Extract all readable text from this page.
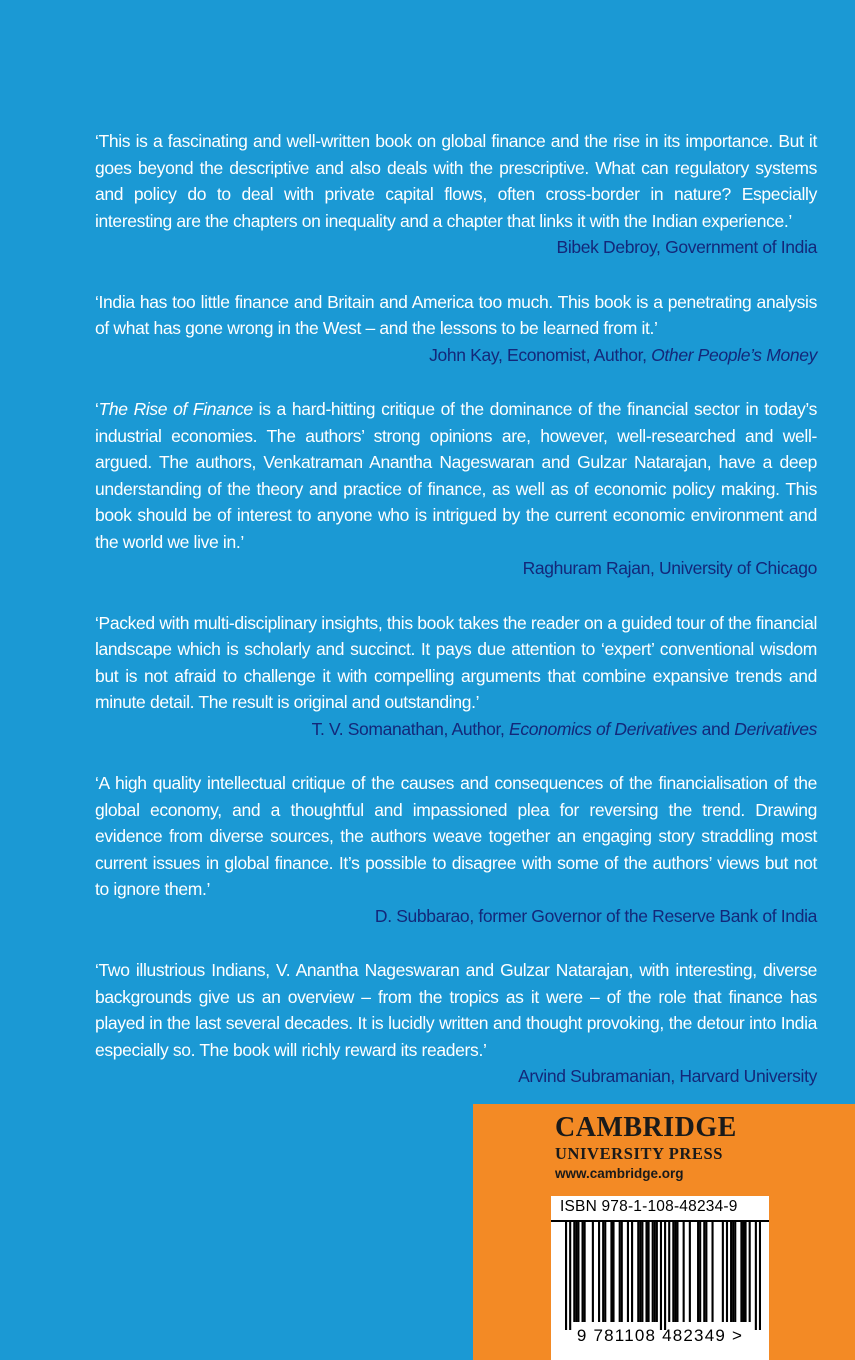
‘This is a fascinating and well-written book on global finance and the rise in its importance. But it goes beyond the descriptive and also deals with the prescriptive. What can regulatory systems and policy do to deal with private capital flows, often cross-border in nature? Especially interesting are the chapters on inequality and a chapter that links it with the Indian experience.’

Bibek Debroy, Government of India

‘India has too little finance and Britain and America too much. This book is a penetrating analysis of what has gone wrong in the West – and the lessons to be learned from it.’

John Kay, Economist, Author, Other People’s Money

‘The Rise of Finance is a hard-hitting critique of the dominance of the financial sector in today’s industrial economies. The authors’ strong opinions are, however, well-researched and well-argued. The authors, Venkatraman Anantha Nageswaran and Gulzar Natarajan, have a deep understanding of the theory and practice of finance, as well as of economic policy making. This book should be of interest to anyone who is intrigued by the current economic environment and the world we live in.’

Raghuram Rajan, University of Chicago

‘Packed with multi-disciplinary insights, this book takes the reader on a guided tour of the financial landscape which is scholarly and succinct. It pays due attention to ‘expert’ conventional wisdom but is not afraid to challenge it with compelling arguments that combine expansive trends and minute detail. The result is original and outstanding.’

T. V. Somanathan, Author, Economics of Derivatives and Derivatives

‘A high quality intellectual critique of the causes and consequences of the financialisation of the global economy, and a thoughtful and impassioned plea for reversing the trend. Drawing evidence from diverse sources, the authors weave together an engaging story straddling most current issues in global finance. It’s possible to disagree with some of the authors’ views but not to ignore them.’

D. Subbarao, former Governor of the Reserve Bank of India

‘Two illustrious Indians, V. Anantha Nageswaran and Gulzar Natarajan, with interesting, diverse backgrounds give us an overview – from the tropics as it were – of the role that finance has played in the last several decades. It is lucidly written and thought provoking, the detour into India especially so. The book will richly reward its readers.’

Arvind Subramanian, Harvard University

CAMBRIDGE
UNIVERSITY PRESS
www.cambridge.org
ISBN 978-1-108-48234-9
9 781108 482349 >
